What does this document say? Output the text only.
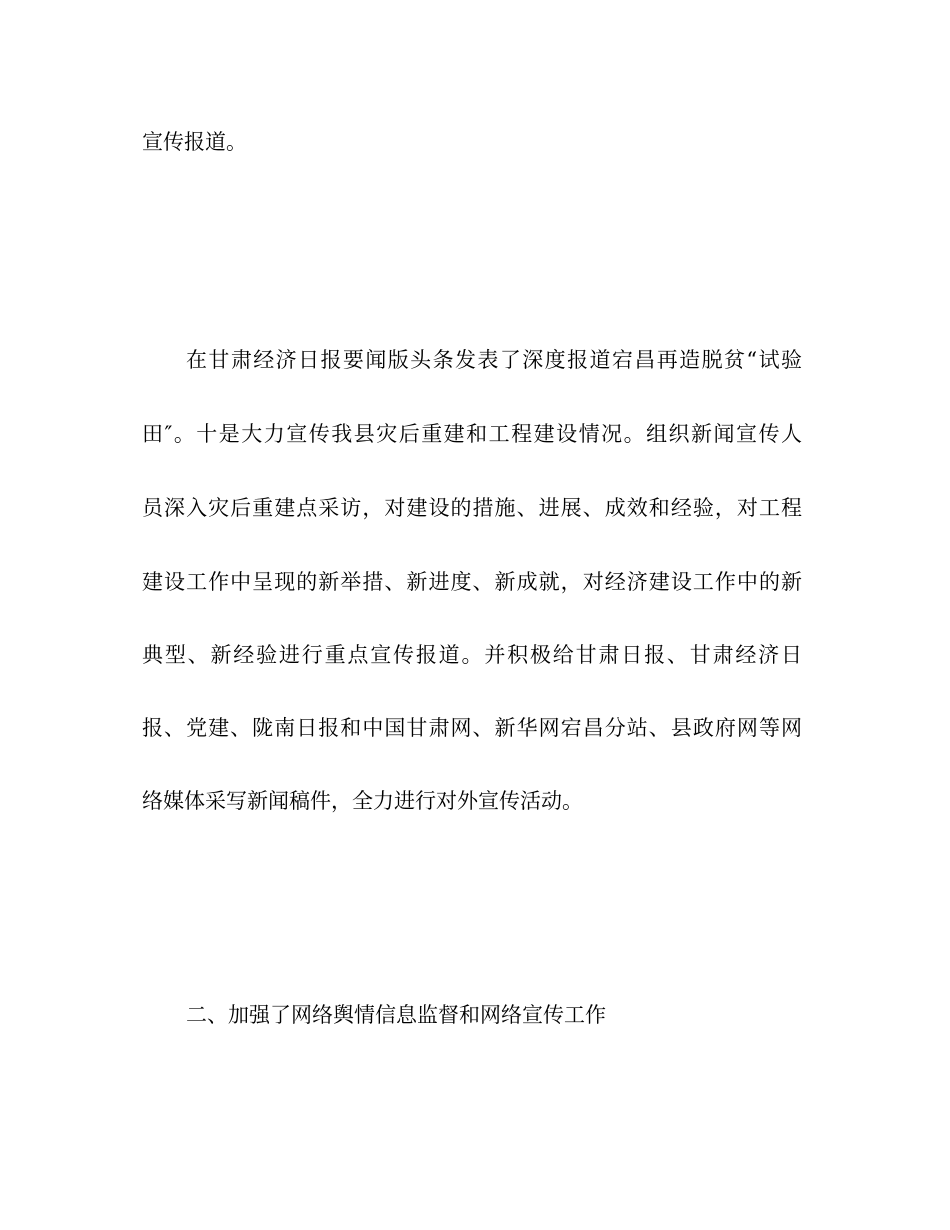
宣传报道。
在甘肃经济日报要闻版头条发表了深度报道宕昌再造脱贫“试验
田″。十是大力宣传我县灾后重建和工程建设情况。组织新闻宣传人
员深入灾后重建点采访，对建设的措施、进展、成效和经验，对工程
建设工作中呈现的新举措、新进度、新成就，对经济建设工作中的新
典型、新经验进行重点宣传报道。并积极给甘肃日报、甘肃经济日
报、党建、陇南日报和中国甘肃网、新华网宕昌分站、县政府网等网
络媒体采写新闻稿件，全力进行对外宣传活动。
二、加强了网络舆情信息监督和网络宣传工作
